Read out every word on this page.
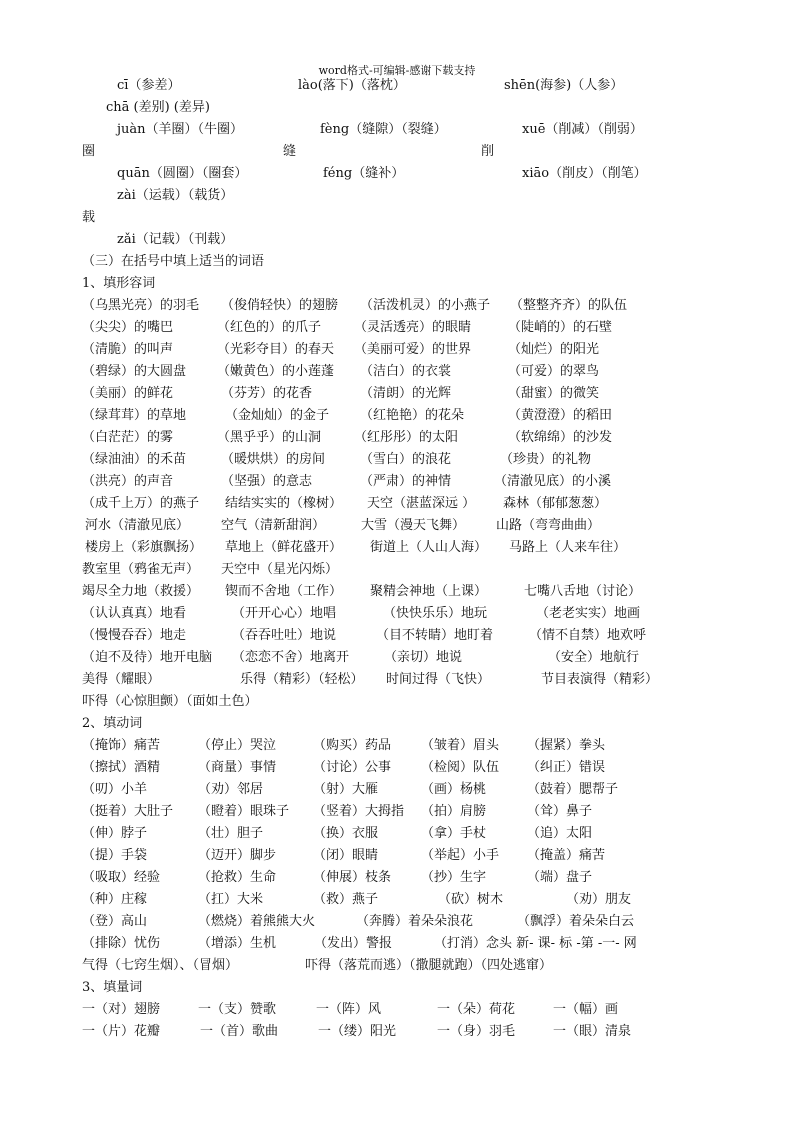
word格式-可编辑-感谢下载支持
cī（参差）	lào(落下)（落枕）	shēn(海参)（人参）
chā (差别) (差异)
juàn（羊圈）（牛圈）	fèng（缝隙）（裂缝）	xuē（削减）（削弱）
圈	缝	削
quān（圆圈）（圈套）	féng（缝补）	xiāo（削皮）（削笔）
zài（运载）（载货）
载
zǎi（记载）（刊载）
（三）在括号中填上适当的词语
1、填形容词
（乌黑光亮）的羽毛 （俊俏轻快）的翅膀 （活泼机灵）的小燕子 （整整齐齐）的队伍
（尖尖）的嘴巴	（红色的）的爪子	（灵活透亮）的眼睛	（陡峭的）的石壁
（清脆）的叫声	（光彩夺目）的春天 （美丽可爱）的世界	（灿烂）的阳光
（碧绿）的大圆盘 （嫩黄色）的小莲蓬 （洁白）的衣裳	（可爱）的翠鸟
（美丽）的鲜花	（芬芳）的花香	（清朗）的光辉	（甜蜜）的微笑
（绿茸茸）的草地	（金灿灿）的金子 （红艳艳）的花朵	（黄澄澄）的稻田
（白茫茫）的雾	（黑乎乎）的山洞	（红彤彤）的太阳	（软绵绵）的沙发
（绿油油）的禾苗	（暖烘烘）的房间	（雪白）的浪花	（珍贵）的礼物
（洪亮）的声音	（坚强）的意志	（严肃）的神情	（清澈见底）的小溪
（成千上万）的燕子 结结实实的（橡树） 天空（湛蓝深远 ） 森林（郁郁葱葱）
河水（清澈见底） 空气（清新甜润）	大雪（漫天飞舞） 山路（弯弯曲曲）
楼房上（彩旗飘扬） 草地上（鲜花盛开） 街道上（人山人海） 马路上（人来车往）
教室里（鸦雀无声） 天空中（星光闪烁）
竭尽全力地（救援） 锲而不舍地（工作） 聚精会神地（上课）	七嘴八舌地（讨论）
（认认真真）地看	（开开心心）地唱	（快快乐乐）地玩	（老老实实）地画
（慢慢吞吞）地走	（吞吞吐吐）地说	（目不转睛）地盯着	（情不自禁）地欢呼
（迫不及待）地开电脑 （恋恋不舍）地离开	（亲切）地说	（安全）地航行
美得（耀眼）	乐得（精彩）（轻松） 时间过得（飞快）	节目表演得（精彩）
吓得（心惊胆颤）（面如土色）
2、填动词
（掩饰）痛苦	（停止）哭泣	（购买）药品 （皱着）眉头 （握紧）拳头
（擦拭）酒精	（商量）事情	（讨论）公事 （检阅）队伍 （纠正）错误
（叨）小羊	（劝）邻居	（射）大雁	（画）杨桃	（鼓着）腮帮子
（挺着）大肚子 （瞪着）眼珠子 （竖着）大拇指 （拍）肩膀	（耸）鼻子
（伸）脖子	（壮）胆子	（换）衣服	（拿）手杖	（追）太阳
（提）手袋	（迈开）脚步	（闭）眼睛	（举起）小手 （掩盖）痛苦
（吸取）经验	（抢救）生命	（伸展）枝条 （抄）生字	（端）盘子
（种）庄稼	（扛）大米	（救）燕子	（砍）树木	（劝）朋友
（登）高山	（燃烧）着熊熊大火	（奔腾）着朵朵浪花	（飘浮）着朵朵白云
（排除）忧伤	（增添）生机	（发出）警报	（打消）念头 新- 课- 标 -第 -一- 网
气得（七窍生烟）、（冒烟）	吓得（落荒而逃）（撒腿就跑）（四处逃窜）
3、填量词
一（对）翅膀	一（支）赞歌	一（阵）风	一（朵）荷花	一（幅）画
一（片）花瓣	一（首）歌曲	一（缕）阳光	一（身）羽毛	一（眼）清泉
